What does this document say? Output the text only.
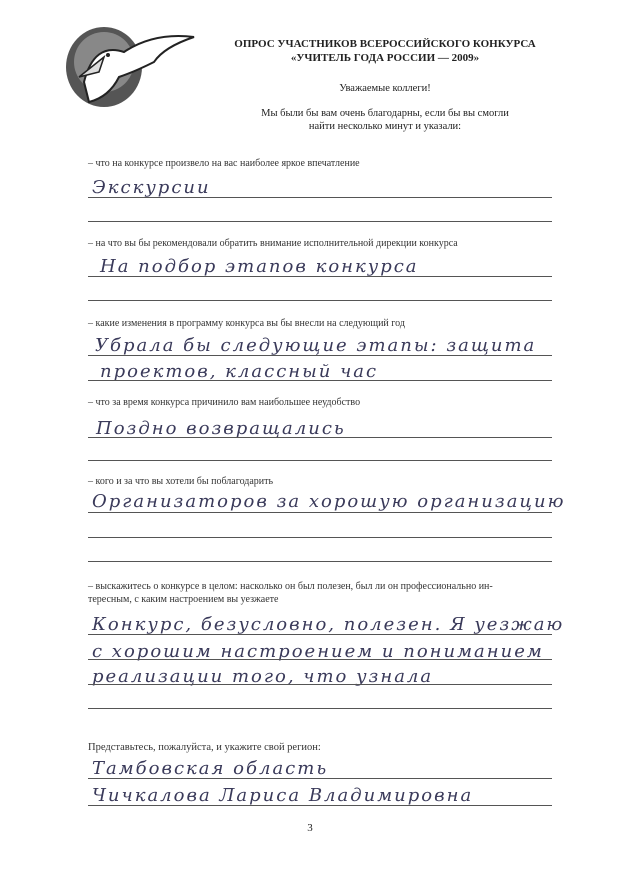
ОПРОС УЧАСТНИКОВ ВСЕРОССИЙСКОГО КОНКУРСА
«УЧИТЕЛЬ ГОДА РОССИИ — 2009»
Уважаемые коллеги!
Мы были бы вам очень благодарны, если бы вы смогли
найти несколько минут и указали:
– что на конкурсе произвело на вас наиболее яркое впечатление
Экскурсии
– на что вы бы рекомендовали обратить внимание исполнительной дирекции конкурса
На подбор этапов конкурса
– какие изменения в программу конкурса вы бы внесли на следующий год
Убрала бы следующие этапы: защита
проектов, классный час
– что за время конкурса причинило вам наибольшее неудобство
Поздно возвращались
– кого и за что вы хотели бы поблагодарить
Организаторов за хорошую организацию
– выскажитесь о конкурсе в целом: насколько он был полезен, был ли он профессионально ин-
тересным, с каким настроением вы уезжаете
Конкурс, безусловно, полезен. Я уезжаю
с хорошим настроением и пониманием
реализации того, что узнала
Представьтесь, пожалуйста, и укажите свой регион:
Тамбовская область
Чичкалова Лариса Владимировна
3
